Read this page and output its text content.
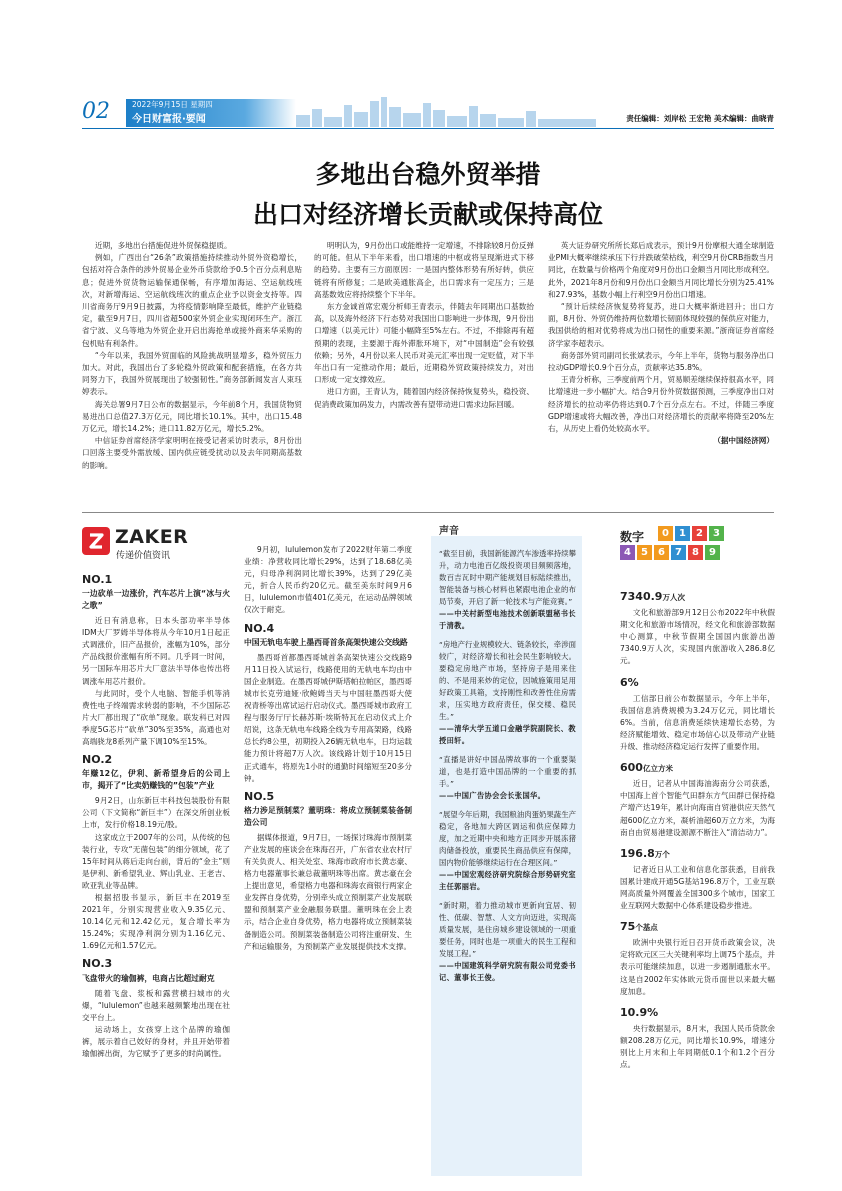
02	2022年9月15日 星期四
今日财富报·要闻	责任编辑：刘岸松 王宏艳 美术编辑：曲晓青
多地出台稳外贸举措
出口对经济增长贡献或保持高位

近期，多地出台措施促进外贸保稳提质。

例如，广西出台“26条”政策措施持续推动外贸外资稳增长，包括对符合条件的涉外贸易企业外币贷款给予0.5个百分点利息贴息；促进外贸货物运输保通保畅，有序增加海运、空运航线班次，对新增海运、空运航线班次的重点企业予以资金支持等。四川省商务厅9月9日披露，为将疫情影响降至最低，维护产业链稳定，截至9月7日，四川省超500家外贸企业实现闭环生产。浙江省宁波、义乌等地为外贸企业开启出海抢单或接外商来华采购的包机贴有利条件。

“今年以来，我国外贸面临的风险挑战明显增多，稳外贸压力加大。对此，我国出台了多轮稳外贸政策和配套措施，在各方共同努力下，我国外贸展现出了较强韧性。”商务部新闻发言人束珏婷表示。

海关总署9月7日公布的数据显示，今年前8个月，我国货物贸易进出口总值27.3万亿元，同比增长10.1%。其中，出口15.48万亿元，增长14.2%；进口11.82万亿元，增长5.2%。

中信证券首席经济学家明明在接受记者采访时表示，8月份出口回落主要受外需放缓、国内供应链受扰动以及去年同期高基数的影响。

明明认为，9月份出口或能维持一定增速，不排除较8月份反弹的可能。但从下半年来看，出口增速的中枢或将呈现渐进式下移的趋势。主要有三方面原因：一是国内整体形势有所好转，供应链将有所修复；二是欧美通胀高企，出口需求有一定压力；三是高基数效应将持续整个下半年。

东方金诚首席宏观分析师王青表示，伴随去年同期出口基数抬高，以及海外经济下行态势对我国出口影响进一步体现，9月份出口增速（以美元计）可能小幅降至5%左右。不过，不排除再有超预期的表现，主要源于海外滞胀环境下，对“中国制造”会有较强依赖；另外，4月份以来人民币对美元汇率出现一定贬值，对下半年出口有一定推动作用；最后，近期稳外贸政策持续发力，对出口形成一定支撑效应。

进口方面，王青认为，随着国内经济保持恢复势头，稳投资、促消费政策加码发力，内需改善有望带动进口需求边际回暖。

英大证券研究所所长郑后成表示，预计9月份摩根大通全球制造业PMI大概率继续承压下行并跌破荣枯线，利空9月份CRB指数当月同比，在数量与价格两个角度对9月份出口金额当月同比形成利空。此外，2021年8月份和9月份出口金额当月同比增长分别为25.41%和27.93%，基数小幅上行利空9月份出口增速。

“预计后续经济恢复势将复苏，进口大概率渐进回升；出口方面，8月份、外贸仍维持两位数增长韧面体现较强的保供应对能力，我国供给的相对优势将成为出口韧性的重要来源。”浙商证券首席经济学家李超表示。

商务部外贸司副司长张斌表示，今年上半年，货物与服务净出口拉动GDP增长0.9个百分点，贡献率达35.8%。

王青分析称，三季度前两个月，贸易顺差继续保持很高水平，同比增速进一步小幅扩大。结合9月份外贸数据预测，三季度净出口对经济增长的拉动率仍将达到0.7个百分点左右。不过，伴随三季度GDP增速或将大幅改善，净出口对经济增长的贡献率将降至20%左右，从历史上看仍处较高水平。

（据中国经济网）

ZAKER
传递价值资讯
NO.1
一边砍单一边涨价，汽车芯片上演“冰与火之歌”

近日有消息称，日本头部功率半导体IDM大厂罗姆半导体将从今年10月1日起正式调涨价，旧产品报价，涨幅为10%，部分产品线报价涨幅有所不同。几乎同一时间，另一国际车用芯片大厂意法半导体也传出将调涨车用芯片报价。

与此同时，受个人电脑、智能手机等消费性电子终端需求转弱的影响，不少国际芯片大厂都出现了“砍单”现象。联发科已对四季度5G芯片“砍单”30%至35%，高通也对高端骁龙8系列产量下调10%至15%。

NO.2
年赚12亿，伊利、新希望身后的公司上市，揭开了“比卖奶赚钱的”包装”产业

9月2日，山东新巨丰科技包装股份有限公司（下文简称“新巨丰”）在深交所创业板上市，发行价格18.19元/股。

这家成立于2007年的公司，从传统的包装行业，专攻“无菌包装”的细分领域，花了15年时间从蒋后走向台前，背后的“金主”则是伊利、新希望乳业、辉山乳业、王老吉、欧亚乳业等品牌。

根据招股书显示，新巨丰在2019至2021年，分别实现营业收入9.35亿元、10.14亿元和12.42亿元，复合增长率为15.24%；实现净利润分别为1.16亿元、1.69亿元和1.57亿元。

NO.3
飞盘带火的瑜伽裤，电商占比超过耐克

随着飞盘、浆板和露营横扫城市的火爆，“lululemon”也越来越频繁地出现在社交平台上。

运动场上，女孩穿上这个品牌的瑜伽裤，展示着自己姣好的身材，并且开始带着瑜伽裤出街，为它赋予了更多的时尚属性。

9月初，lululemon发布了2022财年第二季度业绩：净营收同比增长29%，达到了18.68亿美元，归母净利润同比增长39%，达到了29亿美元，折合人民币约20亿元。截至美东时间9月6日，lululemon市值401亿美元，在运动品牌领域仅次于耐克。

NO.4
中国无轨电车驶上墨西哥首条高架快速公交线路

墨西哥首都墨西哥城首条高架快速公交线路9月11日投入试运行，线路使用的无轨电车均由中国企业制造。在墨西哥城伊斯塔帕拉帕区，墨西哥城市长克劳迪娅·欣鲍姆当天与中国驻墨西哥大使祝青桥等出席试运行启动仪式。墨西哥城市政府工程与服务厅厅长赫苏斯·埃斯特瓦在启动仪式上介绍说，这条无轨电车线路全线为专用高架路，线路总长约8公里，初期投入26辆无轨电车，日均运载能力预计将超7万人次。该线路计划于10月15日正式通车，将原先1小时的通勤时间缩短至20多分钟。

NO.5
格力涉足预制菜？董明珠：将成立预制菜装备制造公司

据媒体报道，9月7日，一场探讨珠海市预制菜产业发展的座谈会在珠海召开，广东省农业农村厅有关负责人、相关处室、珠海市政府市长黄志豪、格力电器董事长兼总裁董明珠等出席。黄志豪在会上提出意见，希望格力电器和珠海农商银行两家企业发挥自身优势，分别牵头成立预制菜产业发展联盟和预制菜产业金融服务联盟。董明珠在会上表示，结合企业自身优势，格力电器将成立预制菜装备制造公司。预制菜装备制造公司将注重研发、生产和运输服务，为预制菜产业发展提供技术支撑。

声音
“截至目前，我国新能源汽车渗透率持续攀升，动力电池百亿级投资项目频频落地，数百吉瓦时中期产能规划目标陆续推出，智能装备与核心材料也紧跟电池企业的布局节奏，开启了新一轮技术与产能竞赛。”
——中关村新型电池技术创新联盟秘书长于清教。
“房地产行业规模较大、链条较长，牵涉面较广，对经济增长和社会民生影响较大。要稳定房地产市场，坚持房子是用来住的、不是用来炒的定位，因城施策用足用好政策工具箱，支持刚性和改善性住房需求，压实地方政府责任，保交楼、稳民生。”
——清华大学五道口金融学院副院长、教授田轩。
“直播是讲好中国品牌故事的一个重要渠道，也是打造中国品牌的一个重要的抓手。”
——中国广告协会会长张国华。
“展望今年后期，我国粮油肉蛋奶果蔬生产稳定，各地加大跨区调运和供应保障力度，加之近期中央和地方正同步开展冻猪肉储备投放，重要民生商品供应有保障，国内物价能够继续运行在合理区间。”
——中国宏观经济研究院综合形势研究室主任郭丽岩。
“新时期，着力推动城市更新向宜居、韧性、低碳、智慧、人文方向迈进，实现高质量发展，是住房城乡建设领域的一项重要任务，同时也是一项重大的民生工程和发展工程。”
——中国建筑科学研究院有限公司党委书记、董事长王俊。
数字	0	1	2	3
4	5	6	7	8	9
7340.9万人次

文化和旅游部9月12日公布2022年中秋假期文化和旅游市场情况，经文化和旅游部数据中心测算，中秋节假期全国国内旅游出游7340.9万人次，实现国内旅游收入286.8亿元。

6%

工信部日前公布数据显示，今年上半年，我国信息消费规模为3.24万亿元，同比增长6%。当前，信息消费延续快速增长态势，为经济赋能增效、稳定市场信心以及带动产业链升级、推动经济稳定运行发挥了重要作用。

600亿立方米

近日，记者从中国海油海南分公司获悉，中国海上首个智能气田群东方气田群已保持稳产增产达19年，累计向海南自贸港供应天然气超600亿立方米，凝析油超60万立方米，为海南自由贸易港建设源源不断注入“清洁动力”。

196.8万个

记者近日从工业和信息化部获悉，目前我国累计建成开通5G基站196.8万个，工业互联网高质量外网覆盖全国300多个城市，国家工业互联网大数据中心体系建设稳步推进。

75个基点

欧洲中央银行近日召开货币政策会议，决定将欧元区三大关键利率均上调75个基点，并表示可能继续加息，以进一步遏制通胀水平。这是自2002年实体欧元货币面世以来最大幅度加息。

10.9%

央行数据显示，8月末，我国人民币贷款余额208.28万亿元，同比增长10.9%，增速分别比上月末和上年同期低0.1个和1.2个百分点。
